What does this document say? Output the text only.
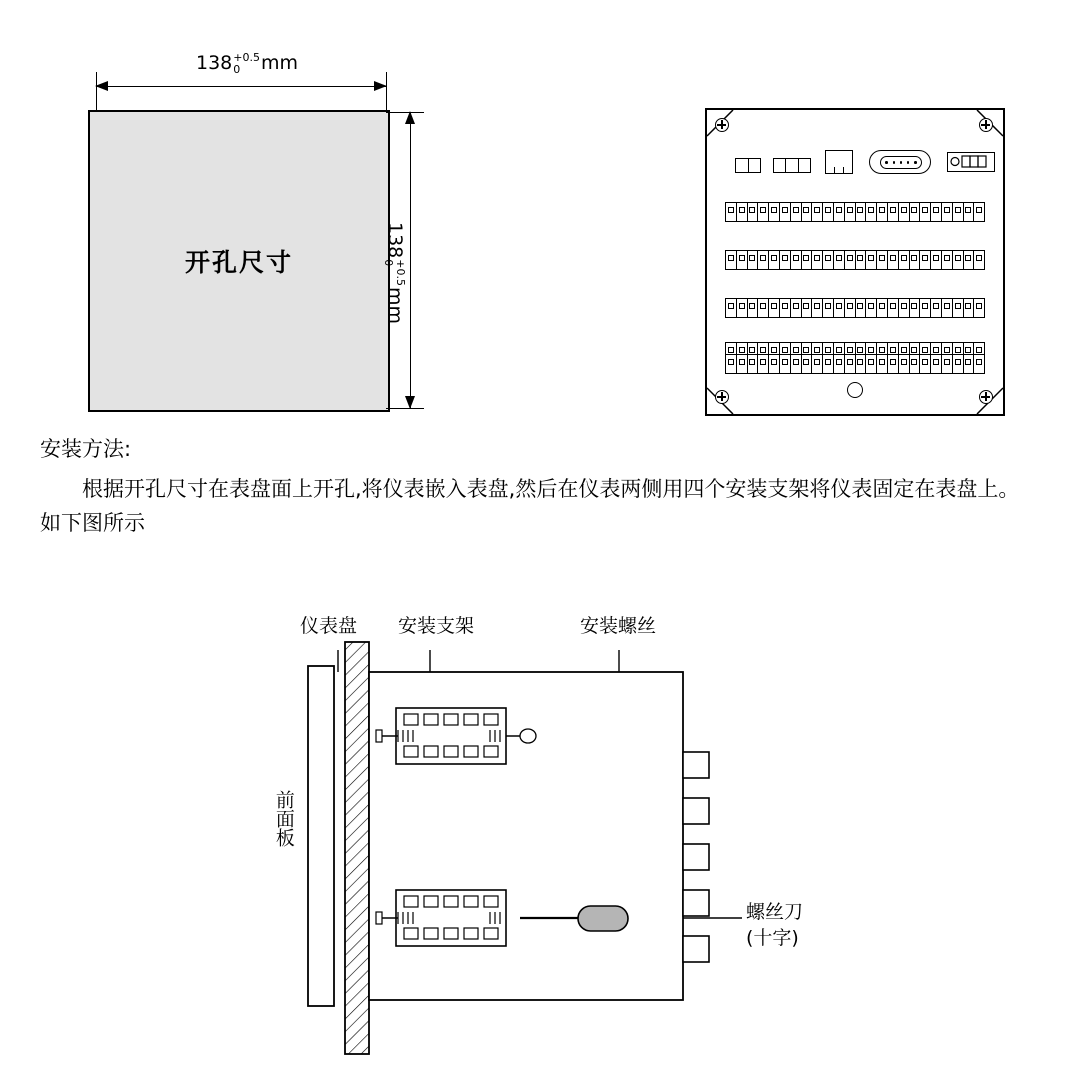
138 +0.5
0	mm
开孔尺寸
138
+0.5
0
mm
安装方法:
根据开孔尺寸在表盘面上开孔,将仪表嵌入表盘,然后在仪表两侧用四个安装支架将仪表固定在表盘上。如下图所示
仪表盘 安装支架	安装螺丝
前面板
螺丝刀
(十字)
